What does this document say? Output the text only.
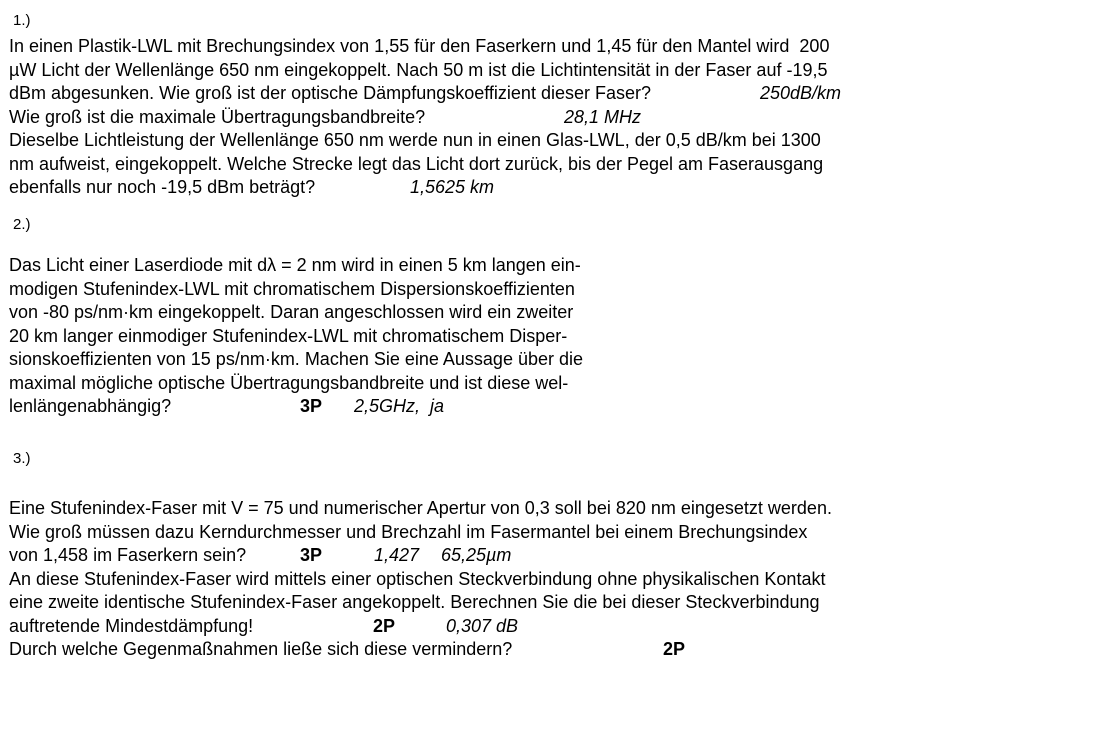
1.)
In einen Plastik-LWL mit Brechungsindex von 1,55 für den Faserkern und 1,45 für den Mantel wird  200
µW Licht der Wellenlänge 650 nm eingekoppelt. Nach 50 m ist die Lichtintensität in der Faser auf -19,5
dBm abgesunken. Wie groß ist der optische Dämpfungskoeffizient dieser Faser?	250dB/km
Wie groß ist die maximale Übertragungsbandbreite?	28,1 MHz
Dieselbe Lichtleistung der Wellenlänge 650 nm werde nun in einen Glas-LWL, der 0,5 dB/km bei 1300
nm aufweist, eingekoppelt. Welche Strecke legt das Licht dort zurück, bis der Pegel am Faserausgang
ebenfalls nur noch -19,5 dBm beträgt?	1,5625 km
2.)
Das Licht einer Laserdiode mit dλ = 2 nm wird in einen 5 km langen ein-
modigen Stufenindex-LWL mit chromatischem Dispersionskoeffizienten
von -80 ps/nm·km eingekoppelt. Daran angeschlossen wird ein zweiter
20 km langer einmodiger Stufenindex-LWL mit chromatischem Disper-
sionskoeffizienten von 15 ps/nm·km. Machen Sie eine Aussage über die
maximal mögliche optische Übertragungsbandbreite und ist diese wel-
lenlängenabhängig?	3P 2,5GHz,  ja
3.)
Eine Stufenindex-Faser mit V = 75 und numerischer Apertur von 0,3 soll bei 820 nm eingesetzt werden.
Wie groß müssen dazu Kerndurchmesser und Brechzahl im Fasermantel bei einem Brechungsindex
von 1,458 im Faserkern sein?	3P	1,427 65,25µm
An diese Stufenindex-Faser wird mittels einer optischen Steckverbindung ohne physikalischen Kontakt
eine zweite identische Stufenindex-Faser angekoppelt. Berechnen Sie die bei dieser Steckverbindung
auftretende Mindestdämpfung!	2P	0,307 dB
Durch welche Gegenmaßnahmen ließe sich diese vermindern?	2P
